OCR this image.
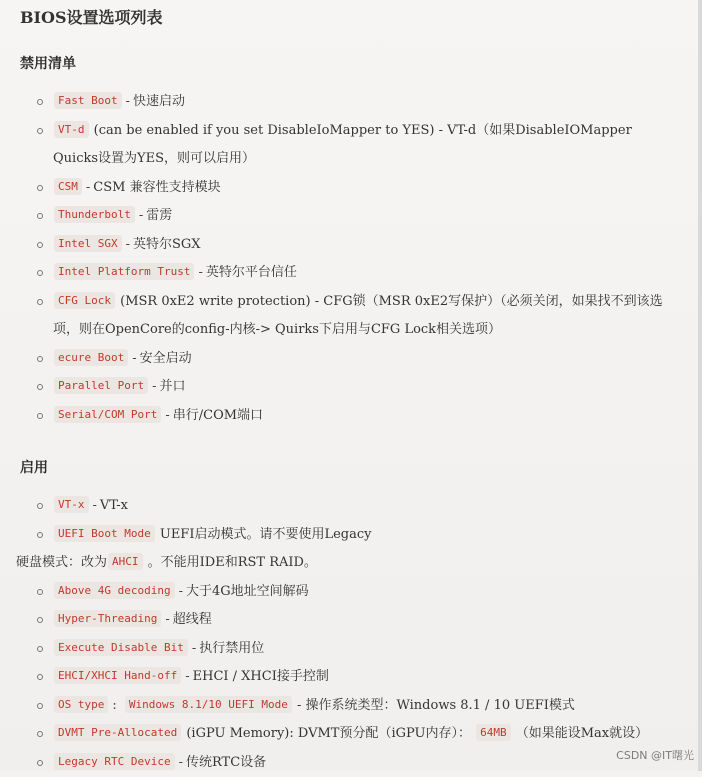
BIOS设置选项列表
禁用清单
Fast Boot - 快速启动
VT-d (can be enabled if you set DisableIoMapper to YES) - VT-d（如果DisableIOMapper Quicks设置为YES，则可以启用）
CSM - CSM 兼容性支持模块
Thunderbolt - 雷雳
Intel SGX - 英特尔SGX
Intel Platform Trust - 英特尔平台信任
CFG Lock (MSR 0xE2 write protection) - CFG锁（MSR 0xE2写保护）（必须关闭，如果找不到该选项，则在OpenCore的config-内核-> Quirks下启用与CFG Lock相关选项）
ecure Boot - 安全启动
Parallel Port - 并口
Serial/COM Port - 串行/COM端口
启用
VT-x - VT-x
UEFI Boot Mode UEFI启动模式。请不要使用Legacy
硬盘模式：改为 AHCI 。不能用IDE和RST RAID。
Above 4G decoding - 大于4G地址空间解码
Hyper-Threading - 超线程
Execute Disable Bit - 执行禁用位
EHCI/XHCI Hand-off - EHCI / XHCI接手控制
OS type : Windows 8.1/10 UEFI Mode - 操作系统类型：Windows 8.1 / 10 UEFI模式
DVMT Pre-Allocated (iGPU Memory): DVMT预分配（iGPU内存）： 64MB （如果能设Max就设）
Legacy RTC Device - 传统RTC设备	CSDN @IT曙光
